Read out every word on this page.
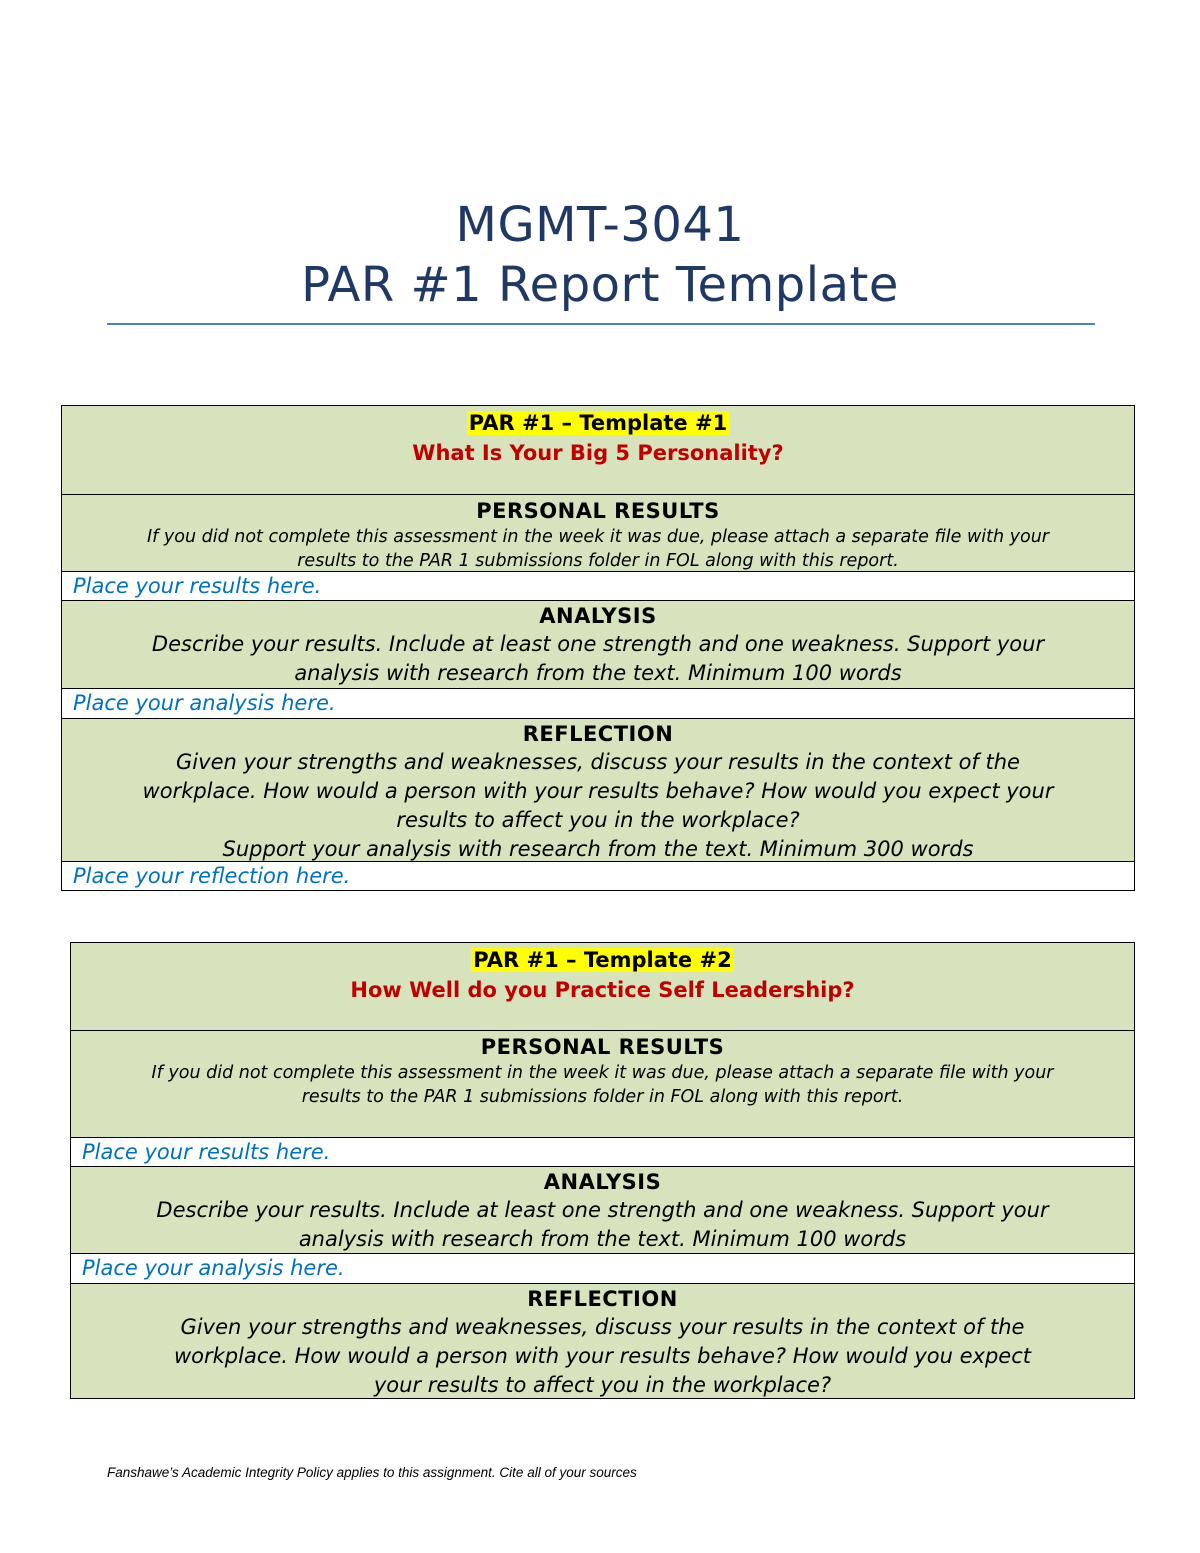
MGMT-3041
PAR #1 Report Template
PAR #1 – Template #1
What Is Your Big 5 Personality?
PERSONAL RESULTS
If you did not complete this assessment in the week it was due, please attach a separate file with your
results to the PAR 1 submissions folder in FOL along with this report.
Place your results here.
ANALYSIS
Describe your results. Include at least one strength and one weakness. Support your
analysis with research from the text. Minimum 100 words
Place your analysis here.
REFLECTION
Given your strengths and weaknesses, discuss your results in the context of the
workplace. How would a person with your results behave? How would you expect your
results to affect you in the workplace?
Support your analysis with research from the text. Minimum 300 words
Place your reflection here.
PAR #1 – Template #2
How Well do you Practice Self Leadership?
PERSONAL RESULTS
If you did not complete this assessment in the week it was due, please attach a separate file with your
results to the PAR 1 submissions folder in FOL along with this report.
Place your results here.
ANALYSIS
Describe your results. Include at least one strength and one weakness. Support your
analysis with research from the text. Minimum 100 words
Place your analysis here.
REFLECTION
Given your strengths and weaknesses, discuss your results in the context of the
workplace. How would a person with your results behave? How would you expect
your results to affect you in the workplace?
Fanshawe’s Academic Integrity Policy applies to this assignment. Cite all of your sources
